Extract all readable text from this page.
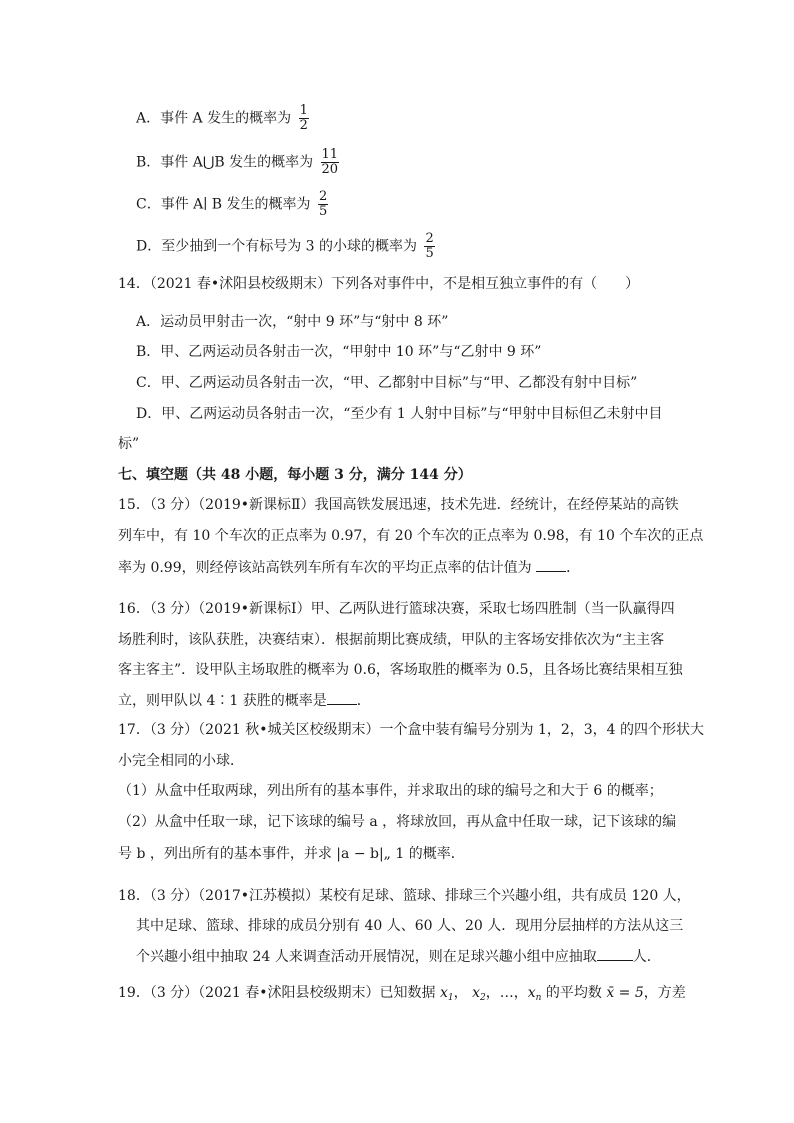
A．事件 A 发生的概率为 $\frac{1}{2}$
B．事件 A⋃B 发生的概率为 $\frac{11}{20}$
C．事件 A∣ B 发生的概率为 $\frac{2}{5}$
D．至少抽到一个有标号为 3 的小球的概率为 $\frac{2}{5}$
14．（2021 春•沭阳县校级期末）下列各对事件中，不是相互独立事件的有（　　）
A．运动员甲射击一次，“射中 9 环”与“射中 8 环”
B．甲、乙两运动员各射击一次，“甲射中 10 环”与“乙射中 9 环”
C．甲、乙两运动员各射击一次，“甲、乙都射中目标”与“甲、乙都没有射中目标”
D．甲、乙两运动员各射击一次，“至少有 1 人射中目标”与“甲射中目标但乙未射中目
标”
七、填空题（共 48 小题，每小题 3 分，满分 144 分）
15．（3 分）（2019•新课标Ⅱ）我国高铁发展迅速，技术先进．经统计，在经停某站的高铁
列车中，有 10 个车次的正点率为 0.97，有 20 个车次的正点率为 0.98，有 10 个车次的正点
率为 0.99，则经停该站高铁列车所有车次的平均正点率的估计值为 ．
16．（3 分）（2019•新课标Ⅰ）甲、乙两队进行篮球决赛，采取七场四胜制（当一队赢得四
场胜利时，该队获胜，决赛结束）．根据前期比赛成绩，甲队的主客场安排依次为“主主客
客主客主”．设甲队主场取胜的概率为 0.6，客场取胜的概率为 0.5，且各场比赛结果相互独
立，则甲队以 4∶1 获胜的概率是 ．
17．（3 分）（2021 秋•城关区校级期末）一个盒中装有编号分别为 1，2，3，4 的四个形状大
小完全相同的小球．
（1）从盒中任取两球，列出所有的基本事件，并求取出的球的编号之和大于 6 的概率；
（2）从盒中任取一球，记下该球的编号 a ，将球放回，再从盒中任取一球，记下该球的编
号 b ，列出所有的基本事件，并求 |a − b|„ 1 的概率．
18．（3 分）（2017•江苏模拟）某校有足球、篮球、排球三个兴趣小组，共有成员 120 人，
其中足球、篮球、排球的成员分别有 40 人、60 人、20 人．现用分层抽样的方法从这三
个兴趣小组中抽取 24 人来调查活动开展情况，则在足球兴趣小组中应抽取	人．
19．（3 分）（2021 春•沭阳县校级期末）已知数据 $x_1$， $x_2$，…，$x_n$ 的平均数 x̄ = 5，方差
